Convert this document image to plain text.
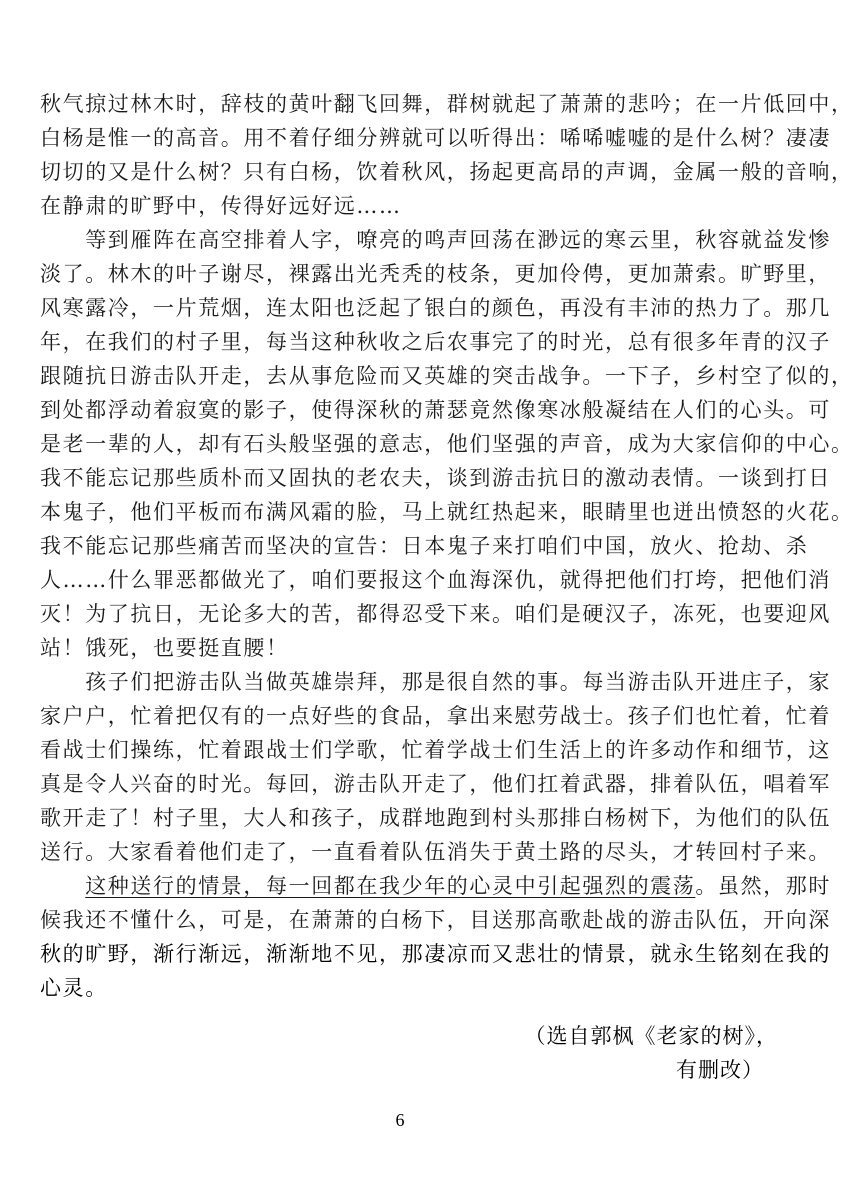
秋气掠过林木时，辞枝的黄叶翻飞回舞，群树就起了萧萧的悲吟；在一片低回中，
白杨是惟一的高音。用不着仔细分辨就可以听得出：唏唏嘘嘘的是什么树？凄凄
切切的又是什么树？只有白杨，饮着秋风，扬起更高昂的声调，金属一般的音响，
在静肃的旷野中，传得好远好远……
　　等到雁阵在高空排着人字，嘹亮的鸣声回荡在渺远的寒云里，秋容就益发惨
淡了。林木的叶子谢尽，裸露出光秃秃的枝条，更加伶俜，更加萧索。旷野里，
风寒露冷，一片荒烟，连太阳也泛起了银白的颜色，再没有丰沛的热力了。那几
年，在我们的村子里，每当这种秋收之后农事完了的时光，总有很多年青的汉子
跟随抗日游击队开走，去从事危险而又英雄的突击战争。一下子，乡村空了似的，
到处都浮动着寂寞的影子，使得深秋的萧瑟竟然像寒冰般凝结在人们的心头。可
是老一辈的人，却有石头般坚强的意志，他们坚强的声音，成为大家信仰的中心。
我不能忘记那些质朴而又固执的老农夫，谈到游击抗日的激动表情。一谈到打日
本鬼子，他们平板而布满风霜的脸，马上就红热起来，眼睛里也迸出愤怒的火花。
我不能忘记那些痛苦而坚决的宣告：日本鬼子来打咱们中国，放火、抢劫、杀
人……什么罪恶都做光了，咱们要报这个血海深仇，就得把他们打垮，把他们消
灭！为了抗日，无论多大的苦，都得忍受下来。咱们是硬汉子，冻死，也要迎风
站！饿死，也要挺直腰！
　　孩子们把游击队当做英雄崇拜，那是很自然的事。每当游击队开进庄子，家
家户户，忙着把仅有的一点好些的食品，拿出来慰劳战士。孩子们也忙着，忙着
看战士们操练，忙着跟战士们学歌，忙着学战士们生活上的许多动作和细节，这
真是令人兴奋的时光。每回，游击队开走了，他们扛着武器，排着队伍，唱着军
歌开走了！村子里，大人和孩子，成群地跑到村头那排白杨树下，为他们的队伍
送行。大家看着他们走了，一直看着队伍消失于黄土路的尽头，才转回村子来。
　　这种送行的情景，每一回都在我少年的心灵中引起强烈的震荡。虽然，那时
候我还不懂什么，可是，在萧萧的白杨下，目送那高歌赴战的游击队伍，开向深
秋的旷野，渐行渐远，渐渐地不见，那凄凉而又悲壮的情景，就永生铭刻在我的
心灵。
（选自郭枫《老家的树》，
有删改）
6
